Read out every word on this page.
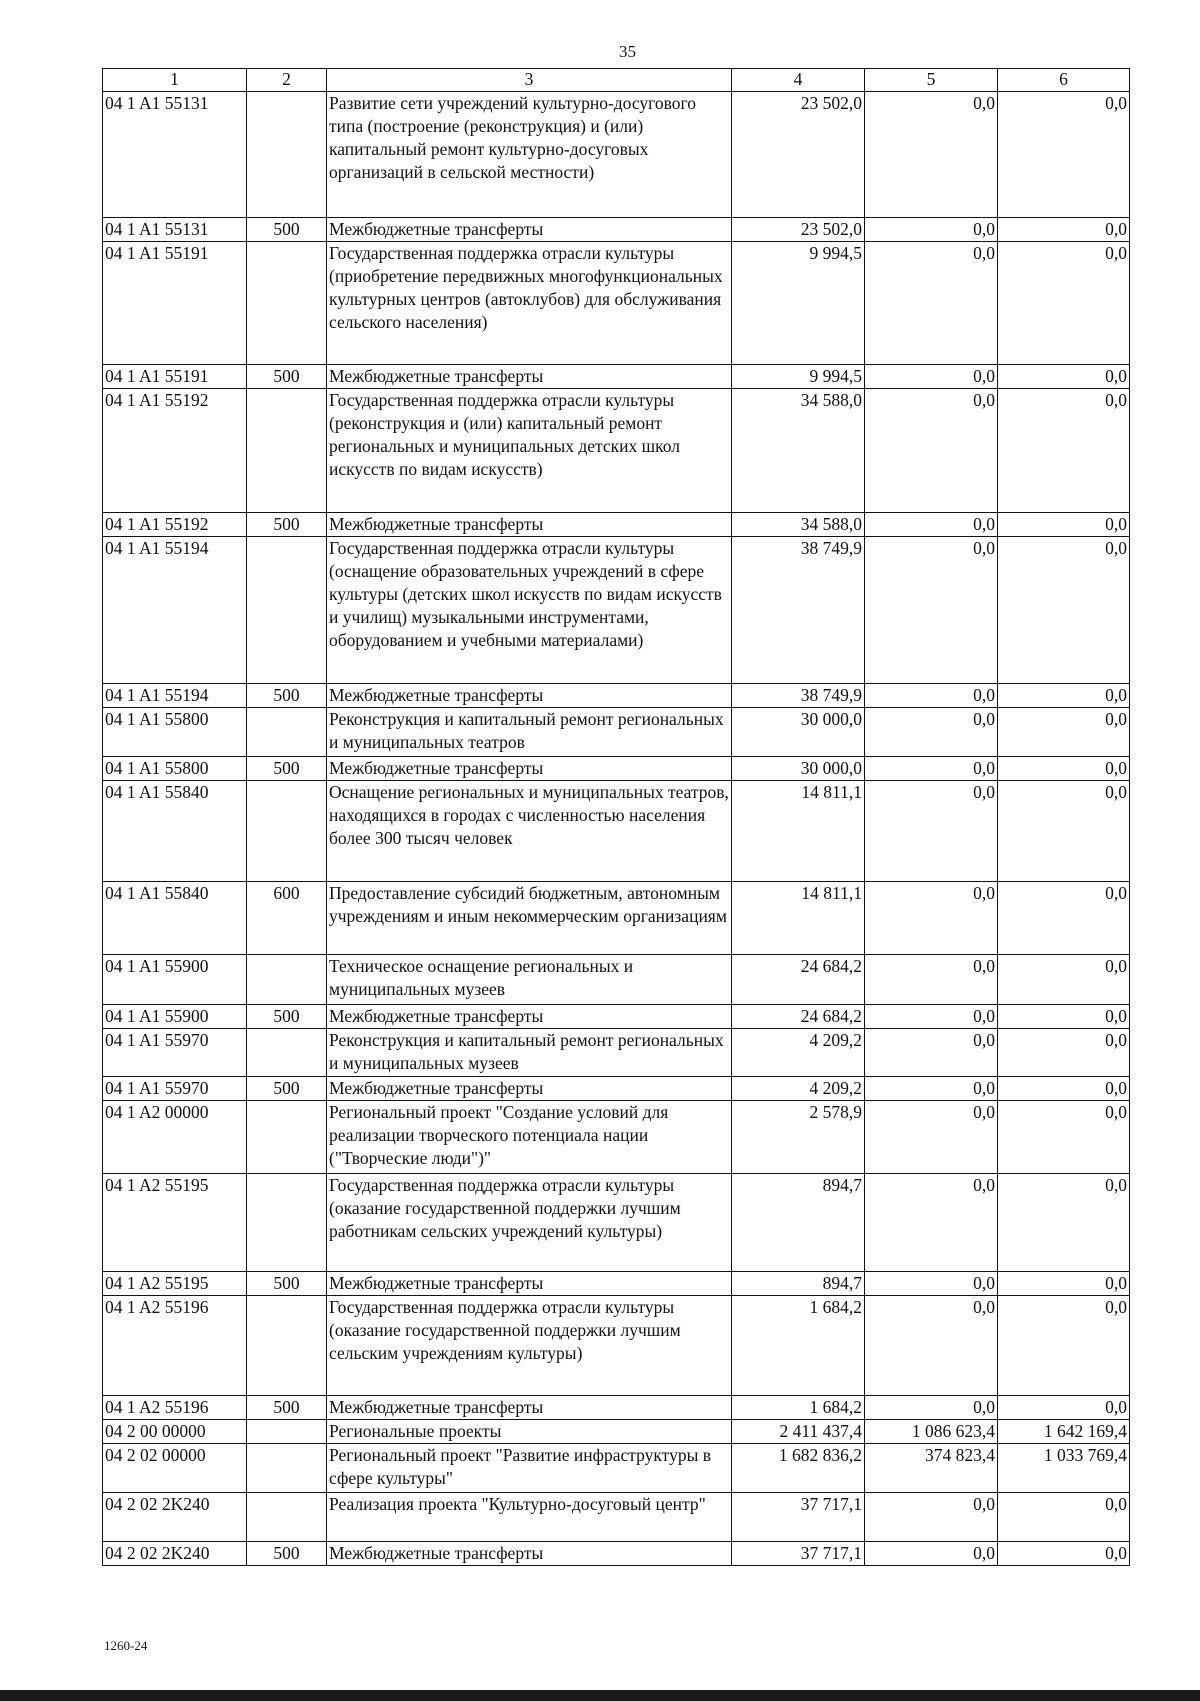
35
1	2	3	4	5	6
04 1 A1 55131		Развитие сети учреждений культурно-досугового типа (построение (реконструкция) и (или) капитальный ремонт культурно-досуговых организаций в сельской местности)	23 502,0	0,0	0,0
04 1 A1 55131	500	Межбюджетные трансферты	23 502,0	0,0	0,0
04 1 A1 55191		Государственная поддержка отрасли культуры (приобретение передвижных многофункциональных культурных центров (автоклубов) для обслуживания сельского населения)	9 994,5	0,0	0,0
04 1 A1 55191	500	Межбюджетные трансферты	9 994,5	0,0	0,0
04 1 A1 55192		Государственная поддержка отрасли культуры (реконструкция и (или) капитальный ремонт региональных и муниципальных детских школ искусств по видам искусств)	34 588,0	0,0	0,0
04 1 A1 55192	500	Межбюджетные трансферты	34 588,0	0,0	0,0
04 1 A1 55194		Государственная поддержка отрасли культуры (оснащение образовательных учреждений в сфере культуры (детских школ искусств по видам искусств и училищ) музыкальными инструментами, оборудованием и учебными материалами)	38 749,9	0,0	0,0
04 1 A1 55194	500	Межбюджетные трансферты	38 749,9	0,0	0,0
04 1 A1 55800		Реконструкция и капитальный ремонт региональных и муниципальных театров	30 000,0	0,0	0,0
04 1 A1 55800	500	Межбюджетные трансферты	30 000,0	0,0	0,0
04 1 A1 55840		Оснащение региональных и муниципальных театров, находящихся в городах с численностью населения более 300 тысяч человек	14 811,1	0,0	0,0
04 1 A1 55840	600	Предоставление субсидий бюджетным, автономным учреждениям и иным некоммерческим организациям	14 811,1	0,0	0,0
04 1 A1 55900		Техническое оснащение региональных и муниципальных музеев	24 684,2	0,0	0,0
04 1 A1 55900	500	Межбюджетные трансферты	24 684,2	0,0	0,0
04 1 A1 55970		Реконструкция и капитальный ремонт региональных и муниципальных музеев	4 209,2	0,0	0,0
04 1 A1 55970	500	Межбюджетные трансферты	4 209,2	0,0	0,0
04 1 A2 00000		Региональный проект "Создание условий для реализации творческого потенциала нации ("Творческие люди")"	2 578,9	0,0	0,0
04 1 A2 55195		Государственная поддержка отрасли культуры (оказание государственной поддержки лучшим работникам сельских учреждений культуры)	894,7	0,0	0,0
04 1 A2 55195	500	Межбюджетные трансферты	894,7	0,0	0,0
04 1 A2 55196		Государственная поддержка отрасли культуры (оказание государственной поддержки лучшим сельским учреждениям культуры)	1 684,2	0,0	0,0
04 1 A2 55196	500	Межбюджетные трансферты	1 684,2	0,0	0,0
04 2 00 00000		Региональные проекты	2 411 437,4	1 086 623,4	1 642 169,4
04 2 02 00000		Региональный проект "Развитие инфраструктуры в сфере культуры"	1 682 836,2	374 823,4	1 033 769,4
04 2 02 2K240		Реализация проекта "Культурно-досуговый центр"	37 717,1	0,0	0,0
04 2 02 2K240	500	Межбюджетные трансферты	37 717,1	0,0	0,0
1260-24
